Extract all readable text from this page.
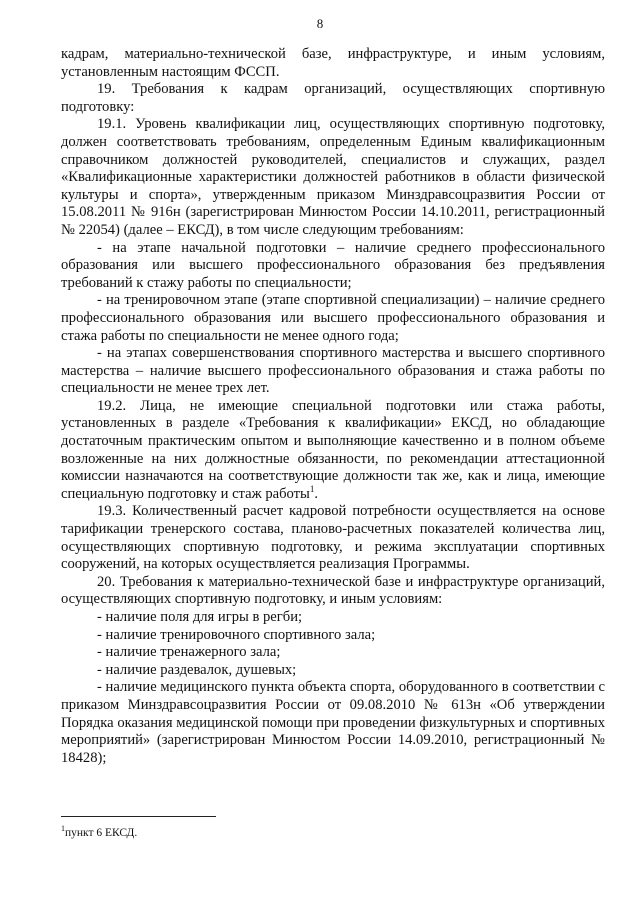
8

кадрам, материально-технической базе, инфраструктуре, и иным условиям, установленным настоящим ФССП.

19. Требования к кадрам организаций, осуществляющих спортивную подготовку:

19.1. Уровень квалификации лиц, осуществляющих спортивную подготовку, должен соответствовать требованиям, определенным Единым квалификационным справочником должностей руководителей, специалистов и служащих, раздел «Квалификационные характеристики должностей работников в области физической культуры и спорта», утвержденным приказом Минздравсоцразвития России от 15.08.2011 № 916н (зарегистрирован Минюстом России 14.10.2011, регистрационный № 22054) (далее – ЕКСД), в том числе следующим требованиям:

- на этапе начальной подготовки – наличие среднего профессионального образования или высшего профессионального образования без предъявления требований к стажу работы по специальности;

- на тренировочном этапе (этапе спортивной специализации) – наличие среднего профессионального образования или высшего профессионального образования и стажа работы по специальности не менее одного года;

- на этапах совершенствования спортивного мастерства и высшего спортивного мастерства – наличие высшего профессионального образования и стажа работы по специальности не менее трех лет.

19.2. Лица, не имеющие специальной подготовки или стажа работы, установленных в разделе «Требования к квалификации» ЕКСД, но обладающие достаточным практическим опытом и выполняющие качественно и в полном объеме возложенные на них должностные обязанности, по рекомендации аттестационной комиссии назначаются на соответствующие должности так же, как и лица, имеющие специальную подготовку и стаж работы$^1$.

19.3. Количественный расчет кадровой потребности осуществляется на основе тарификации тренерского состава, планово-расчетных показателей количества лиц, осуществляющих спортивную подготовку, и режима эксплуатации спортивных сооружений, на которых осуществляется реализация Программы.

20. Требования к материально-технической базе и инфраструктуре организаций, осуществляющих спортивную подготовку, и иным условиям:

- наличие поля для игры в регби;

- наличие тренировочного спортивного зала;

- наличие тренажерного зала;

- наличие раздевалок, душевых;

- наличие медицинского пункта объекта спорта, оборудованного в соответствии с приказом Минздравсоцразвития России от 09.08.2010 № 613н «Об утверждении Порядка оказания медицинской помощи при проведении физкультурных и спортивных мероприятий» (зарегистрирован Минюстом России 14.09.2010, регистрационный № 18428);

$^1$пункт 6 ЕКСД.
